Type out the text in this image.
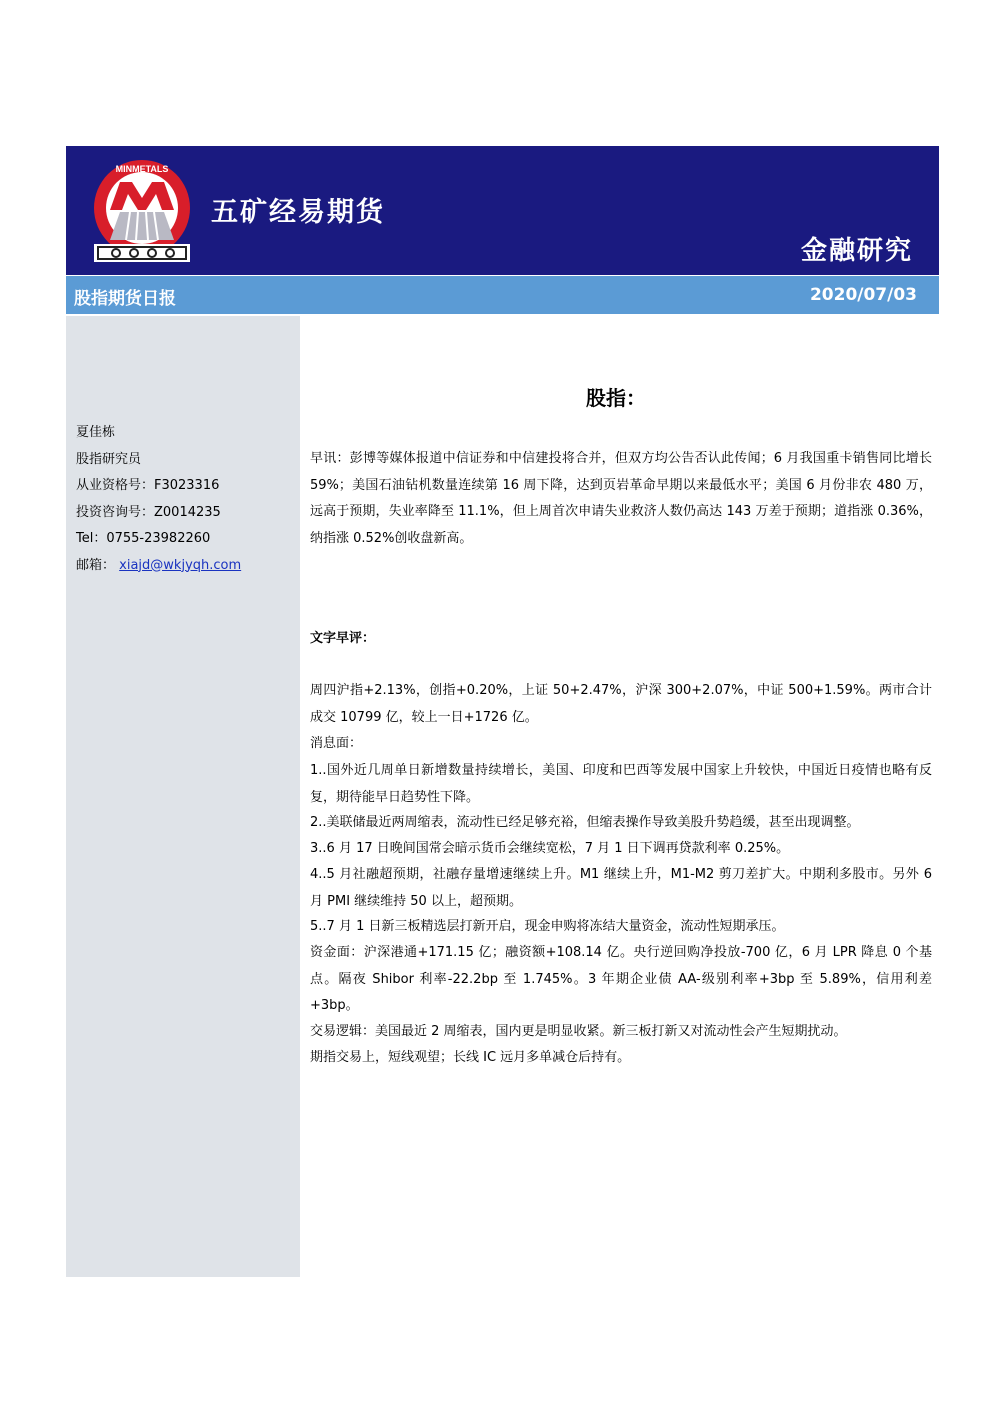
MINMETALS
五矿经易期货
金融研究
股指期货日报	2020/07/03
夏佳栋
股指研究员
从业资格号：F3023316
投资咨询号：Z0014235
Tel：0755-23982260
邮箱： xiajd@wkjyqh.com
股指：

早讯：彭博等媒体报道中信证券和中信建投将合并，但双方均公告否认此传闻；6 月我国重卡销售同比增长 59%；美国石油钻机数量连续第 16 周下降，达到页岩革命早期以来最低水平；美国 6 月份非农 480 万，远高于预期，失业率降至 11.1%，但上周首次申请失业救济人数仍高达 143 万差于预期；道指涨 0.36%，纳指涨 0.52%创收盘新高。

文字早评：

周四沪指+2.13%，创指+0.20%，上证 50+2.47%，沪深 300+2.07%，中证 500+1.59%。两市合计成交 10799 亿，较上一日+1726 亿。

消息面：

1..国外近几周单日新增数量持续增长，美国、印度和巴西等发展中国家上升较快，中国近日疫情也略有反复，期待能早日趋势性下降。

2..美联储最近两周缩表，流动性已经足够充裕，但缩表操作导致美股升势趋缓，甚至出现调整。

3..6 月 17 日晚间国常会暗示货币会继续宽松，7 月 1 日下调再贷款利率 0.25%。

4..5 月社融超预期，社融存量增速继续上升。M1 继续上升，M1-M2 剪刀差扩大。中期利多股市。另外 6 月 PMI 继续维持 50 以上，超预期。

5..7 月 1 日新三板精选层打新开启，现金申购将冻结大量资金，流动性短期承压。

资金面：沪深港通+171.15 亿；融资额+108.14 亿。央行逆回购净投放-700 亿，6 月 LPR 降息 0 个基点。隔夜 Shibor 利率-22.2bp 至 1.745%。3 年期企业债 AA-级别利率+3bp 至 5.89%，信用利差+3bp。

交易逻辑：美国最近 2 周缩表，国内更是明显收紧。新三板打新又对流动性会产生短期扰动。

期指交易上，短线观望；长线 IC 远月多单减仓后持有。
